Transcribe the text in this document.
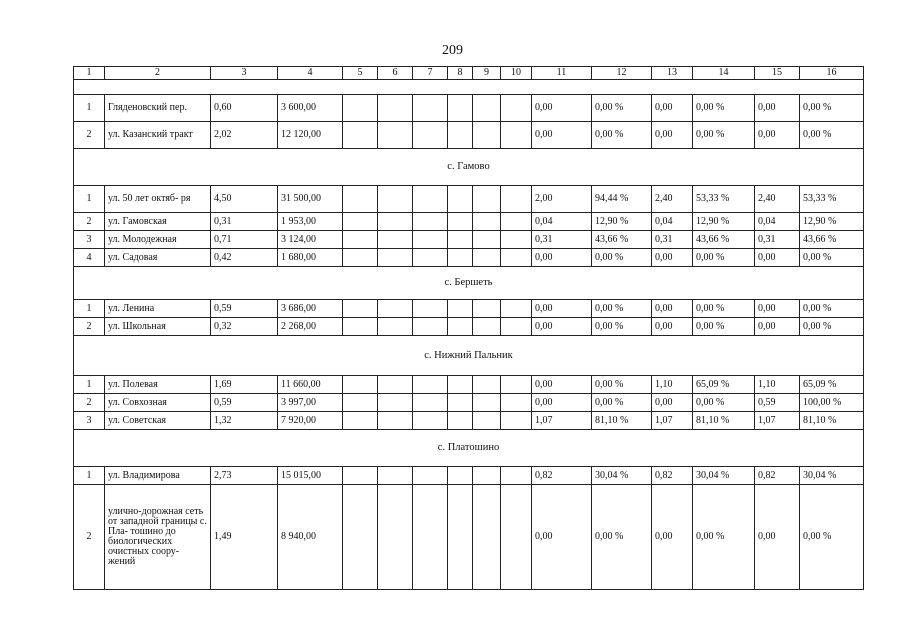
209
1	2	3	4	5	6	7	8	9	10	11	12	13	14	15	16

1	Гляденовский пер.	0,60	3 600,00							0,00	0,00 %	0,00	0,00 %	0,00	0,00 %
2	ул. Казанский тракт	2,02	12 120,00							0,00	0,00 %	0,00	0,00 %	0,00	0,00 %
с. Гамово															
1	ул. 50 лет октяб- ря	4,50	31 500,00							2,00	94,44 %	2,40	53,33 %	2,40	53,33 %
2	ул. Гамовская	0,31	1 953,00							0,04	12,90 %	0,04	12,90 %	0,04	12,90 %
3	ул. Молодежная	0,71	3 124,00							0,31	43,66 %	0,31	43,66 %	0,31	43,66 %
4	ул. Садовая	0,42	1 680,00							0,00	0,00 %	0,00	0,00 %	0,00	0,00 %
с. Бершеть															
1	ул. Ленина	0,59	3 686,00							0,00	0,00 %	0,00	0,00 %	0,00	0,00 %
2	ул. Школьная	0,32	2 268,00							0,00	0,00 %	0,00	0,00 %	0,00	0,00 %
с. Нижний Пальник															
1	ул. Полевая	1,69	11 660,00							0,00	0,00 %	1,10	65,09 %	1,10	65,09 %
2	ул. Совхозная	0,59	3 997,00							0,00	0,00 %	0,00	0,00 %	0,59	100,00 %
3	ул. Советская	1,32	7 920,00							1,07	81,10 %	1,07	81,10 %	1,07	81,10 %
с. Платошино															
1	ул. Владимирова	2,73	15 015,00							0,82	30,04 %	0,82	30,04 %	0,82	30,04 %
2	улично-дорожная сеть от западной границы с. Пла- тошино до биологических очистных соору- жений	1,49	8 940,00							0,00	0,00 %	0,00	0,00 %	0,00	0,00 %
